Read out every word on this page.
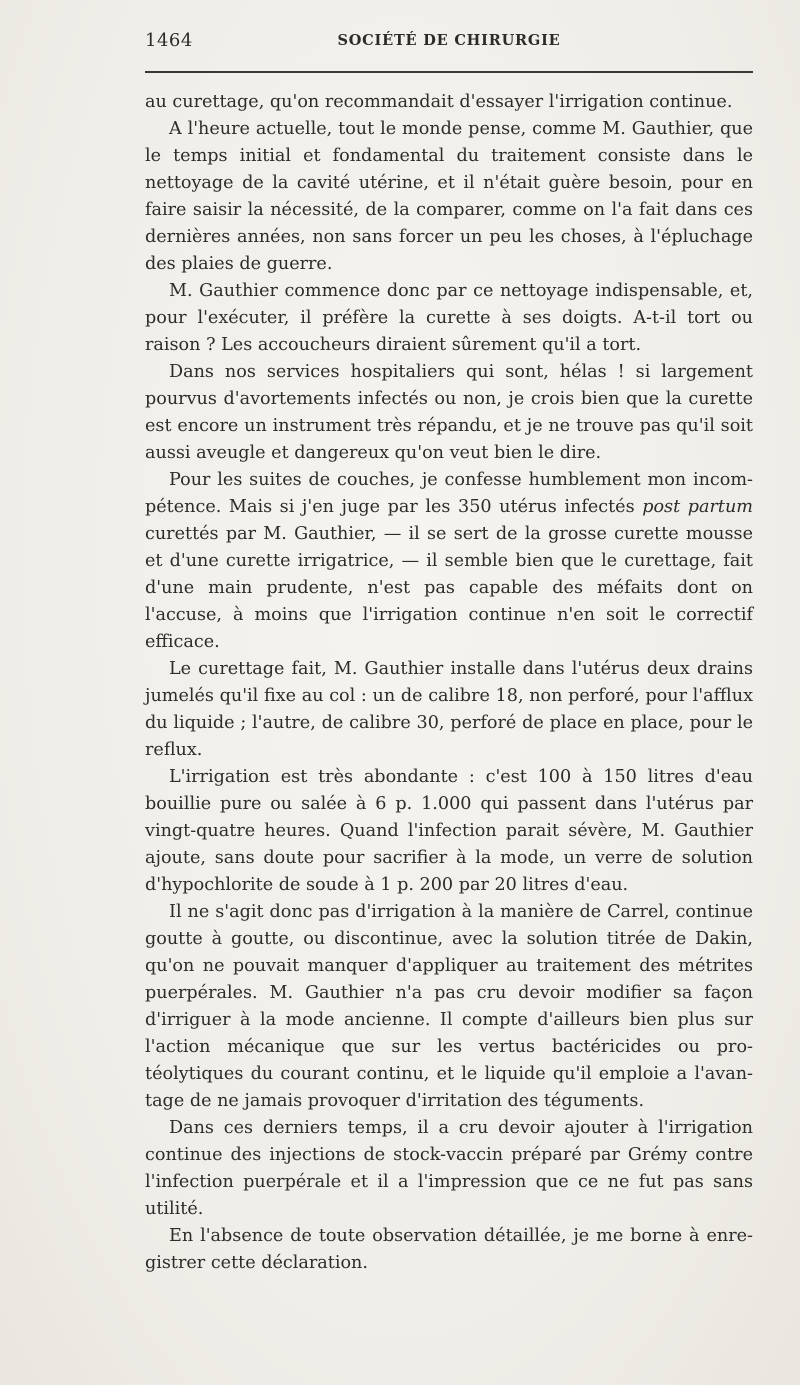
1464	SOCIÉTÉ DE CHIRURGIE

au curettage, qu'on recommandait d'essayer l'irrigation continue.

A l'heure actuelle, tout le monde pense, comme M. Gauthier, que le temps initial et fondamental du traitement consiste dans le nettoyage de la cavité utérine, et il n'était guère besoin, pour en faire saisir la nécessité, de la comparer, comme on l'a fait dans ces dernières années, non sans forcer un peu les choses, à l'épluchage des plaies de guerre.

M. Gauthier commence donc par ce nettoyage indispensable, et, pour l'exécuter, il préfère la curette à ses doigts. A-t-il tort ou raison ? Les accoucheurs diraient sûrement qu'il a tort.

Dans nos services hospitaliers qui sont, hélas ! si largement pourvus d'avortements infectés ou non, je crois bien que la curette est encore un instrument très répandu, et je ne trouve pas qu'il soit aussi aveugle et dangereux qu'on veut bien le dire.

Pour les suites de couches, je confesse humblement mon incompétence. Mais si j'en juge par les 350 utérus infectés post partum curettés par M. Gauthier, — il se sert de la grosse curette mousse et d'une curette irrigatrice, — il semble bien que le curettage, fait d'une main prudente, n'est pas capable des méfaits dont on l'accuse, à moins que l'irrigation continue n'en soit le correctif efficace.

Le curettage fait, M. Gauthier installe dans l'utérus deux drains jumelés qu'il fixe au col : un de calibre 18, non perforé, pour l'afflux du liquide ; l'autre, de calibre 30, perforé de place en place, pour le reflux.

L'irrigation est très abondante : c'est 100 à 150 litres d'eau bouillie pure ou salée à 6 p. 1.000 qui passent dans l'utérus par vingt-quatre heures. Quand l'infection parait sévère, M. Gauthier ajoute, sans doute pour sacrifier à la mode, un verre de solution d'hypochlorite de soude à 1 p. 200 par 20 litres d'eau.

Il ne s'agit donc pas d'irrigation à la manière de Carrel, continue goutte à goutte, ou discontinue, avec la solution titrée de Dakin, qu'on ne pouvait manquer d'appliquer au traitement des métrites puerpérales. M. Gauthier n'a pas cru devoir modifier sa façon d'irriguer à la mode ancienne. Il compte d'ailleurs bien plus sur l'action mécanique que sur les vertus bactéricides ou protéolytiques du courant continu, et le liquide qu'il emploie a l'avantage de ne jamais provoquer d'irritation des téguments.

Dans ces derniers temps, il a cru devoir ajouter à l'irrigation continue des injections de stock-vaccin préparé par Grémy contre l'infection puerpérale et il a l'impression que ce ne fut pas sans utilité.

En l'absence de toute observation détaillée, je me borne à enregistrer cette déclaration.
